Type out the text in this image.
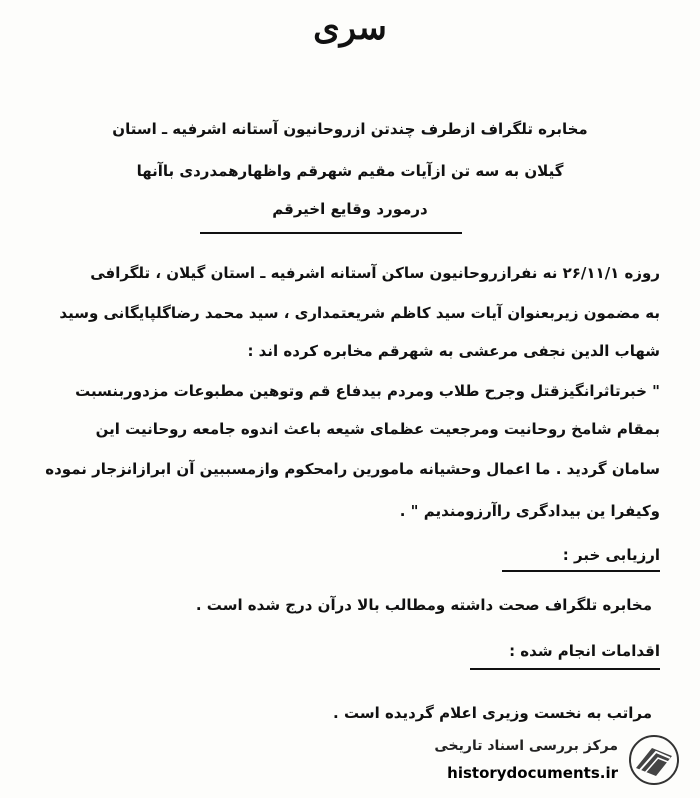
سری
مخابره تلگراف ازطرف چندتن ازروحانیون آستانه اشرفیه ـ استان
گیلان به سه تن ازآیات مقیم شهرقم واظهارهمدردی باآنها
درمورد وقایع اخیرقم
روزه ۲۶/۱۱/۱ نه نفرازروحانیون ساکن آستانه اشرفیه ـ استان گیلان ، تلگرافی
به مضمون زیربعنوان آیات سید کاظم شریعتمداری ، سید محمد رضاگلپایگانی وسید
شهاب الدین نجفی مرعشی به شهرقم مخابره کرده اند :
" خبرتاثرانگیزقتل وجرح طلاب ومردم بیدفاع قم وتوهین مطبوعات مزدوربنسبت
بمقام شامخ روحانیت ومرجعیت عظمای شیعه باعث اندوه جامعه روحانیت این
سامان گردید . ما اعمال وحشیانه مامورین رامحکوم وازمسببین آن ابرازانزجار نموده
وکیفرا ین بیدادگری راآرزومندیم " .
ارزیابی خبر :
مخابره تلگراف صحت داشته ومطالب بالا درآن درج شده است .
اقدامات انجام شده :
مراتب به نخست وزیری اعلام گردیده است .
مرکز بررسی اسناد تاریخی
historydocuments.ir
